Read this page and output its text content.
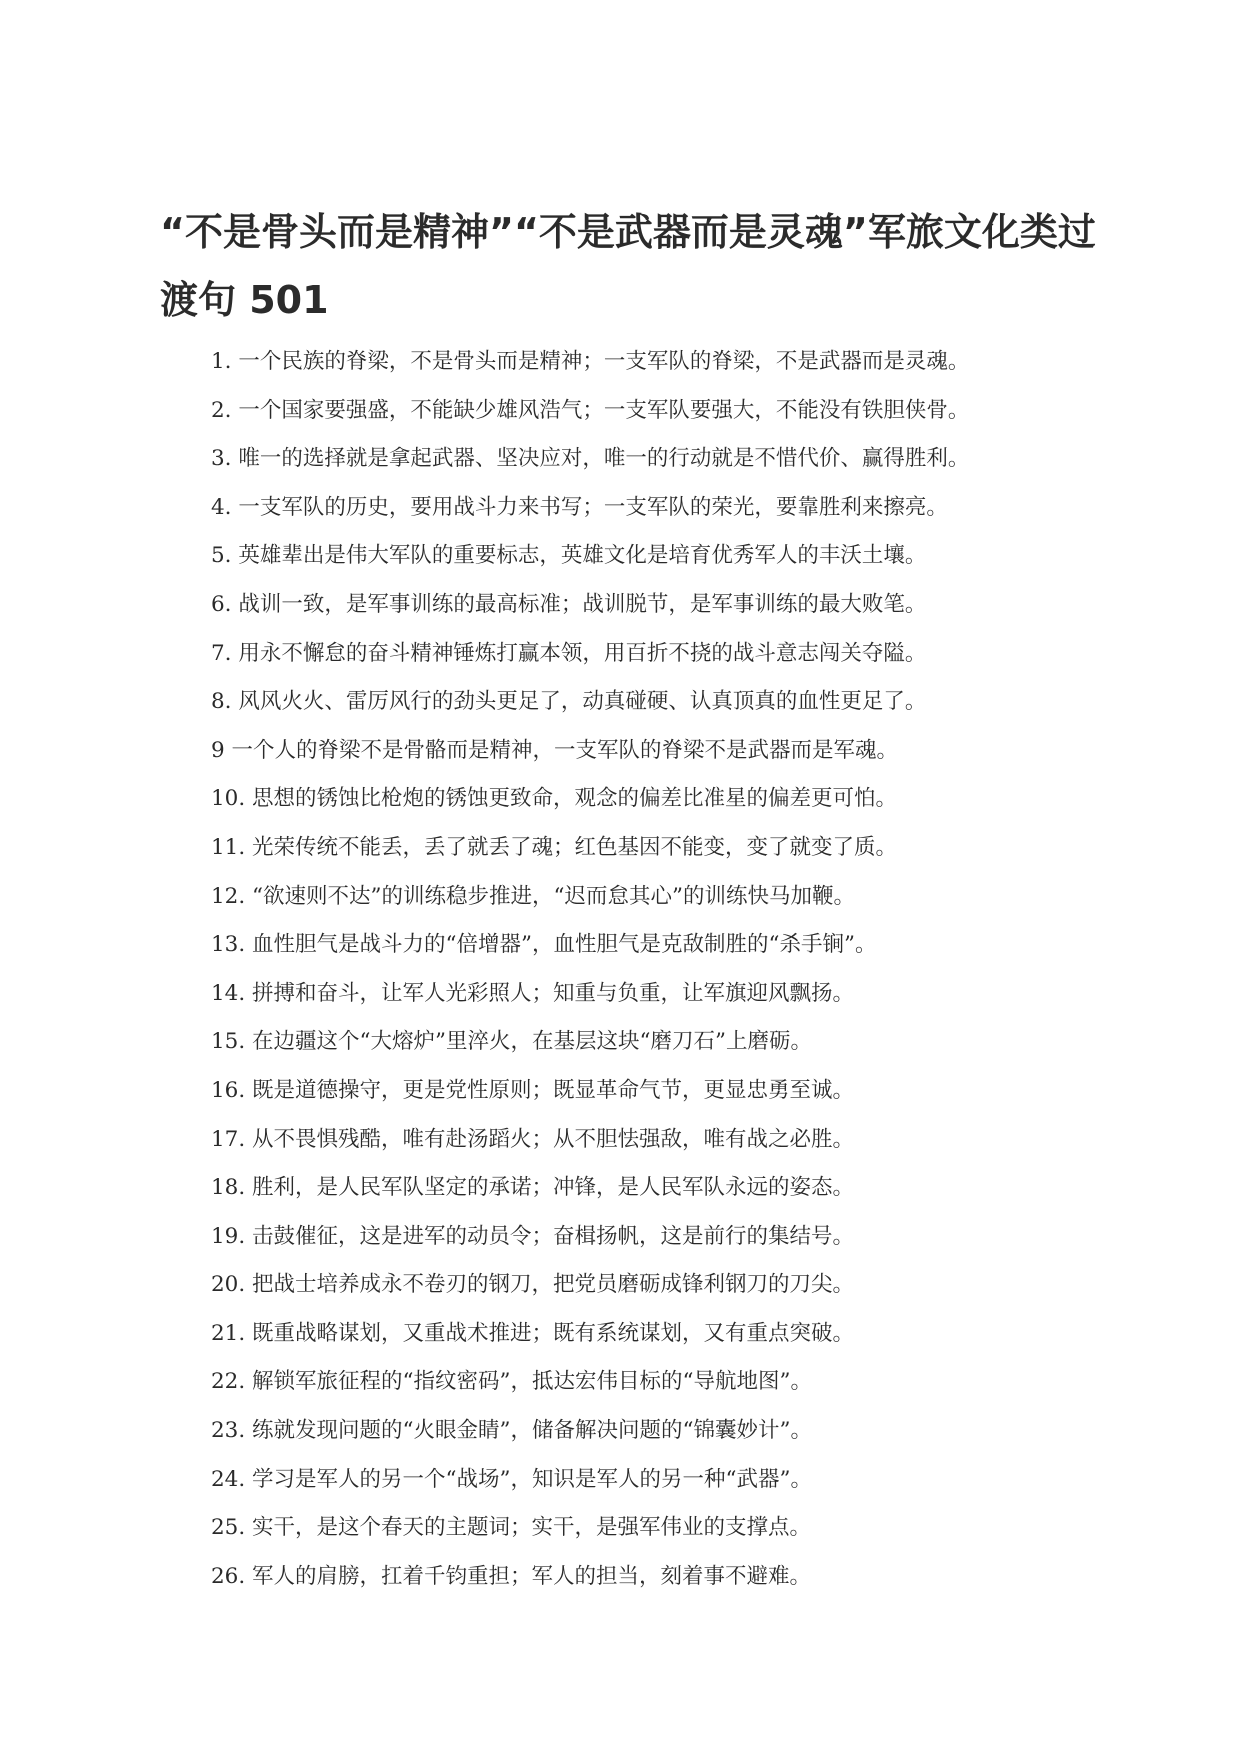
“不是骨头而是精神”“不是武器而是灵魂”军旅文化类过渡句 501
1. 一个民族的脊梁，不是骨头而是精神；一支军队的脊梁，不是武器而是灵魂。
2. 一个国家要强盛，不能缺少雄风浩气；一支军队要强大，不能没有铁胆侠骨。
3. 唯一的选择就是拿起武器、坚决应对，唯一的行动就是不惜代价、赢得胜利。
4. 一支军队的历史，要用战斗力来书写；一支军队的荣光，要靠胜利来擦亮。
5. 英雄辈出是伟大军队的重要标志，英雄文化是培育优秀军人的丰沃土壤。
6. 战训一致，是军事训练的最高标准；战训脱节，是军事训练的最大败笔。
7. 用永不懈怠的奋斗精神锤炼打赢本领，用百折不挠的战斗意志闯关夺隘。
8. 风风火火、雷厉风行的劲头更足了，动真碰硬、认真顶真的血性更足了。
9 一个人的脊梁不是骨骼而是精神，一支军队的脊梁不是武器而是军魂。
10. 思想的锈蚀比枪炮的锈蚀更致命，观念的偏差比准星的偏差更可怕。
11. 光荣传统不能丢，丢了就丢了魂；红色基因不能变，变了就变了质。
12. “欲速则不达”的训练稳步推进，“迟而怠其心”的训练快马加鞭。
13. 血性胆气是战斗力的“倍增器”，血性胆气是克敌制胜的“杀手锏”。
14. 拼搏和奋斗，让军人光彩照人；知重与负重，让军旗迎风飘扬。
15. 在边疆这个“大熔炉”里淬火，在基层这块“磨刀石”上磨砺。
16. 既是道德操守，更是党性原则；既显革命气节，更显忠勇至诚。
17. 从不畏惧残酷，唯有赴汤蹈火；从不胆怯强敌，唯有战之必胜。
18. 胜利，是人民军队坚定的承诺；冲锋，是人民军队永远的姿态。
19. 击鼓催征，这是进军的动员令；奋楫扬帆，这是前行的集结号。
20. 把战士培养成永不卷刃的钢刀，把党员磨砺成锋利钢刀的刀尖。
21. 既重战略谋划，又重战术推进；既有系统谋划，又有重点突破。
22. 解锁军旅征程的“指纹密码”，抵达宏伟目标的“导航地图”。
23. 练就发现问题的“火眼金睛”，储备解决问题的“锦囊妙计”。
24. 学习是军人的另一个“战场”，知识是军人的另一种“武器”。
25. 实干，是这个春天的主题词；实干，是强军伟业的支撑点。
26. 军人的肩膀，扛着千钧重担；军人的担当，刻着事不避难。
